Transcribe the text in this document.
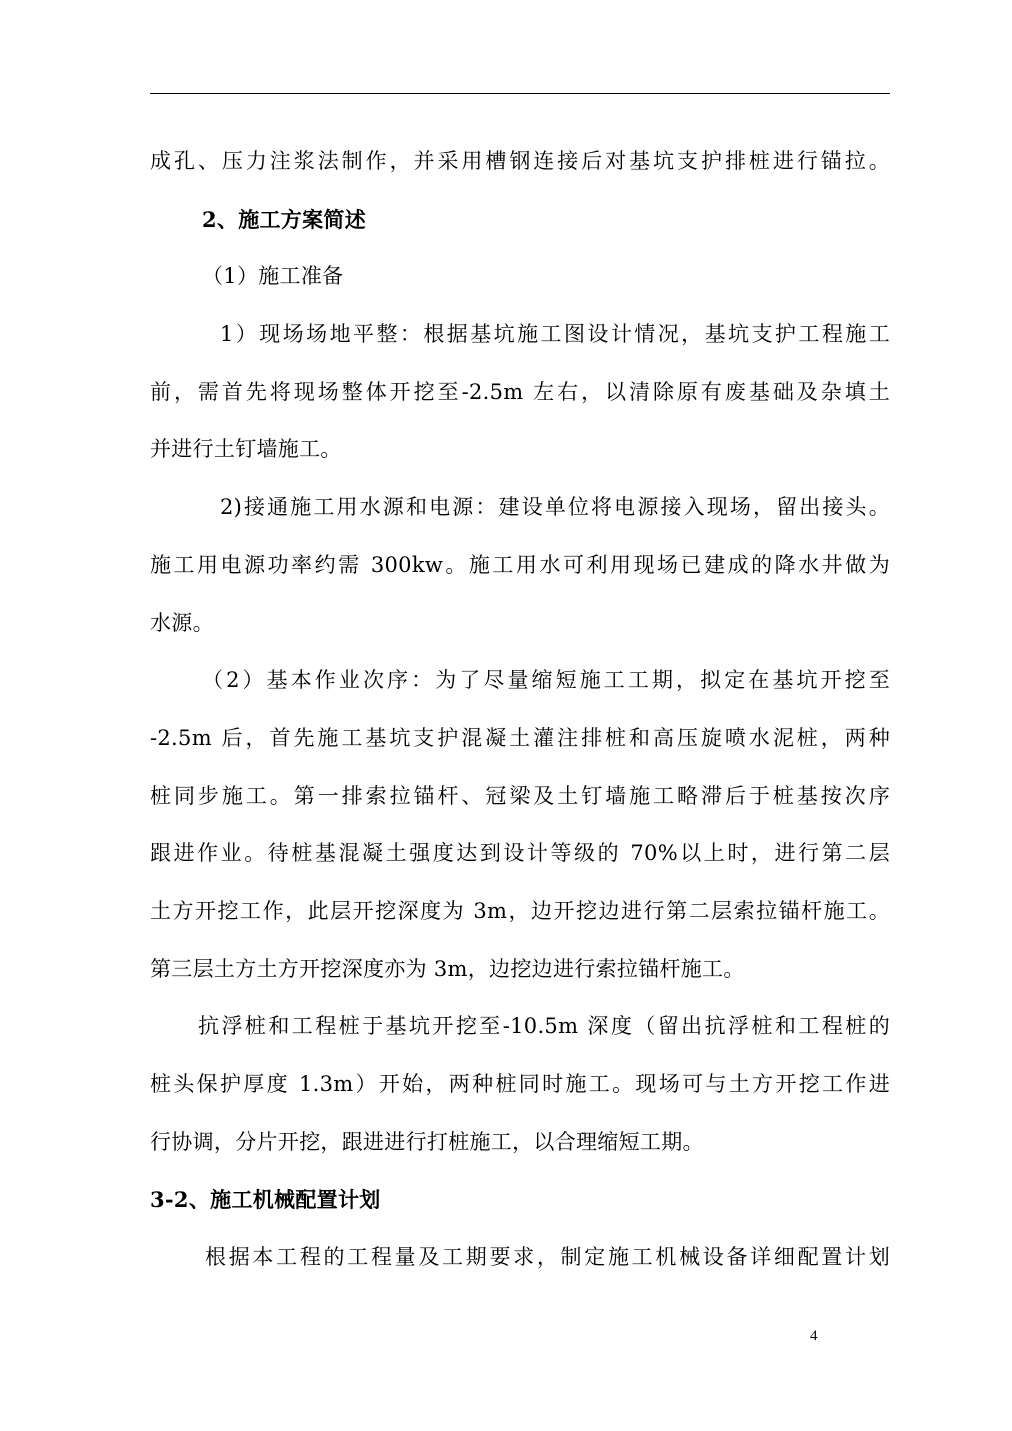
成孔、压力注浆法制作，并采用槽钢连接后对基坑支护排桩进行锚拉。
2、施工方案简述
（1）施工准备
1）现场场地平整：根据基坑施工图设计情况，基坑支护工程施工
前，需首先将现场整体开挖至-2.5m 左右，以清除原有废基础及杂填土
并进行土钉墙施工。
2)接通施工用水源和电源：建设单位将电源接入现场，留出接头。
施工用电源功率约需 300kw。施工用水可利用现场已建成的降水井做为
水源。
（2）基本作业次序：为了尽量缩短施工工期，拟定在基坑开挖至
-2.5m 后，首先施工基坑支护混凝土灌注排桩和高压旋喷水泥桩，两种
桩同步施工。第一排索拉锚杆、冠梁及土钉墙施工略滞后于桩基按次序
跟进作业。待桩基混凝土强度达到设计等级的 70%以上时，进行第二层
土方开挖工作，此层开挖深度为 3m，边开挖边进行第二层索拉锚杆施工。
第三层土方土方开挖深度亦为 3m，边挖边进行索拉锚杆施工。
抗浮桩和工程桩于基坑开挖至-10.5m 深度（留出抗浮桩和工程桩的
桩头保护厚度 1.3m）开始，两种桩同时施工。现场可与土方开挖工作进
行协调，分片开挖，跟进进行打桩施工，以合理缩短工期。
3-2、施工机械配置计划
根据本工程的工程量及工期要求，制定施工机械设备详细配置计划
4
